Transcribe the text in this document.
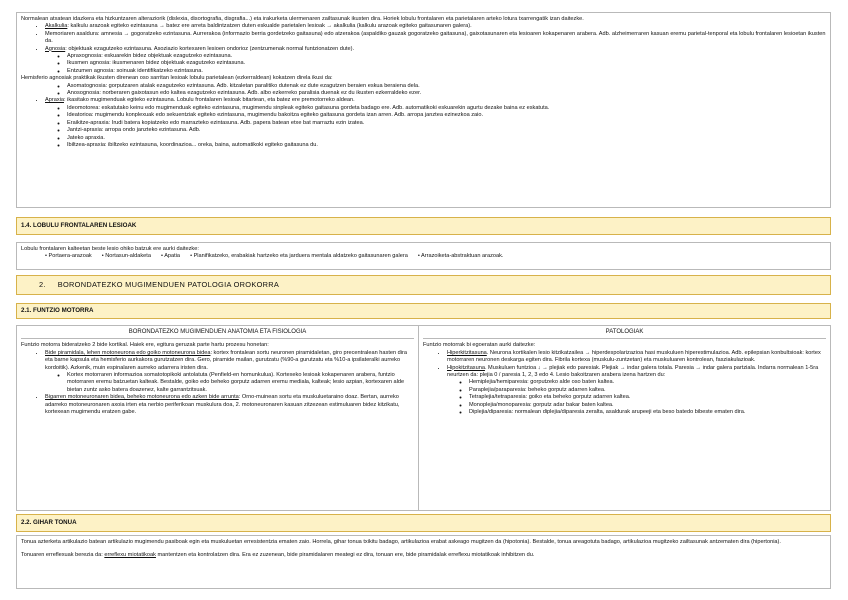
Normalean atxatean idazkera eta hizkuntzaren alteraziorik (dislexia, disortografia, disgrafia...) eta irakurketa ulermenaren zailtasunak ikusten dira. Horiek lobulu frontalaren eta parietalaren arteko lotura txarrengatik izan daitezke.

• Akalkulia: kalkulu arazoak egiteko ezintasuna → batez ere arreta baldintzatzen duten eskualde parietalen lesioak → akalkulia (kalkulu arazoak egiteko gaitasunaren galera).
• Memoriaren asaldura: amnesia → gogoratzeko ezintasuna. Aurrerakoa (informazio berria gordetzeko gaitasuna) edo atzerakoa (aspaldiko gauzak gogoratzeko gaitasuna), gaixotasunaren eta lesioaren kokapenaren arabera. Adb. alzheimerraren kasuan eremu parietal-tenporal eta lobulu frontalaren lesioetan ikusten da.
• Agnosia: objektuak ezagutzeko ezintasuna. Asoziazio kortexaren lesioen ondorioz (zentzumenak normal funtzionatzen dute).
◦ Apraxognosia: eskuarekin bidez objektuak ezagutzeko ezintasuna.
◦ Ikusmen agnosia: ikusmenaren bidez objektuak ezagutzeko ezintasuna.
◦ Entzumen agnosia: soinuak identifikatzeko ezintasuna.

Hemisferio agnosiak praktikak ikusten direnean oso sarritan lesioak lobulu parietalean (ezkerraldean) kokatzen direla ikusi da:

◦ Asomatognosia: gorputzaren atalak ezagutzeko ezintasuna. Adb. kitzaletan paralitiko dutenak ez dute ezagutzen beraien eskua beraiena dela.
◦ Anosognosia: norberaren gaixotasun edo kaltea ezagutzeko ezintasuna. Adb. albo ezkerreko paralisia duenak ez du ikusten ezkerraldeko ezer.
• Apraxia: ikasitako mugimenduak egiteko ezintasuna. Lobulu frontalaren lesioak bitartean, eta batez ere premotorreko aldean.
◦ Ideomotorea: eskatutako keinu edo mugimenduak egiteko ezintasuna, mugimendu sinpleak egiteko gaitasuna gordeta badago ere. Adb. automatikoki eskuarekin agurtu dezake baina ez eskatuta.
◦ Ideatorioa: mugimendu konplexuak edo sekuentziak egiteko ezintasuna, mugimendu bakoitza egiteko gaitasuna gordeta izan arren. Adb. arropa janztea ezinezkoa zaio.
◦ Eraikitze-apraxia: Irudi batera kopiatzeko edo marrazteko ezintasuna. Adb. papera batean etxe bat marraztu ezin izatea.
◦ Jantzi-apraxia: arropa ondo janzteko ezintasuna. Adb.
◦ Jateko apraxia.
◦ Ibiltzea-apraxia: ibiltzeko ezintasuna, koordinazioa... oreka, baina, automatikoki egiteko gaitasuna du.
1.4. LOBULU FRONTALAREN LESIOAK

Lobulu frontalaren kalteetan beste lesio ohiko batzuk ere aurki daitezke:

• Portaera-arazoak	• Nortasun-aldaketa	• Apatia	• Planifikatzeko, erabakiak hartzeko eta jarduera mentala aldatzeko gaitasunaren galera	• Arrazoiketa-abstraktuan arazoak.
2. BORONDATEZKO MUGIMENDUEN PATOLOGIA OROKORRA
2.1. FUNTZIO MOTORRA
BORONDATEZKO MUGIMENDUEN ANATOMIA ETA FISIOLOGIA

Funtzio motorra bideratzeko 2 bide kortikal. Haiek ere, egitura geruzak parte hartu prozesu honetan:

• Bide piramidala, lehen motoneurona edo goiko motoneurona bidea: kortex frontalean sortu neuronen piramidaletan, giro precentralean hasten dira eta barne kapsula eta hemisferio aurkakora gurutzatzen dira. Gero, piramide mailan, gurutzatu (%90-a gurutzatu eta %10-a ipsilateralki aurreko kordoitik). Azkenik, muin espinalaren aurreko adarrera iristen dira.
◦ Kortex motorraren informazioa somatotopikoki antolatuta (Penfield-en homunkulua). Kortexeko lesioak kokapenaren arabera, funtzio motorraren eremu batzuetan kalteak. Bestalde, goiko edo beheko gorputz adarren eremu mediala, kalteak; lesio azpian, kortexaren alde bietan zuntz asko batera doazenez, kalte garrantzitsuak.
• Bigarren motoneuronaren bidea, beheko motoneurona edo azken bide arrunta: Orno-muinean sortu eta muskuluetaraino doaz. Bertan, aurreko adarreko motoneuronaren axoia irten eta nerbio periferikoan muskulura doa, 2. motoneuronaren kasuan zitzezean estimuluaren bidez kitzikatu, kortexean mugimendu eratzen gabe.
PATOLOGIAK

Funtzio motorrak bi egoeratan aurki daitezke:

• Hiperkitzitasuna. Neurona kortikalen lesio kitzikatzailea → hiperdespolarizazioa hasi muskuluen hiperestimulazioa. Adb. epilepsian konbultsioak: kortex motorraren neuronen deskarga egiten dira. Fibrila kortexa (muskulu-zuntzetan) eta muskuluaren kontrolean, fasziakulazioak.
• Hipokitzitasuna. Muskuluen funtzioa ↓ → plejiak edo paresiak. Plejiak → indar galera totala. Paresia → indar galera partziala. Indarra normalean 1-5ra neurtzen da: plejia 0 / paresia 1, 2, 3 edo 4. Lesio bakoitzaren arabera izena hartzen du:
◦ Hemiplejia/hemiparesia: gorputzeko alde oso baten kaltea.
◦ Paraplejia/paraparesia: beheko gorputz adarren kaltea.
◦ Tetraplejia/tetraparesia: goiko eta beheko gorputz adarren kaltea.
◦ Monoplejia/monoparesia: gorputz adar bakar baten kaltea.
◦ Diplejia/diparesia: normalean diplejia/diparesia zeralta, asaldurak arupeeji eta beso batedo bibeste ematen dira.
2.2. GIHAR TONUA

Tonua azterketa artikulazio batean artikulazio mugimendu pasiboak egin eta muskuluetan erresistentzia ematen zaio. Horrela, gihar tonua txikitu badago, artikulazioa erabat askeago mugitzen da (hipotonia). Bestalde, tonua areagotuta badago, artikulazioa mugitzeko zailtasunak antzematen dira (hipertonia).

Tonuaren erreflexuak berezia da: erreflexu miotatikoak mantentzen eta kontrolatzen dira. Era ez zuzenean, bide piramidalaren meategi ez dira, tonuan ere, bide piramidalak erreflexu miotatikoak inhibitzen du.
